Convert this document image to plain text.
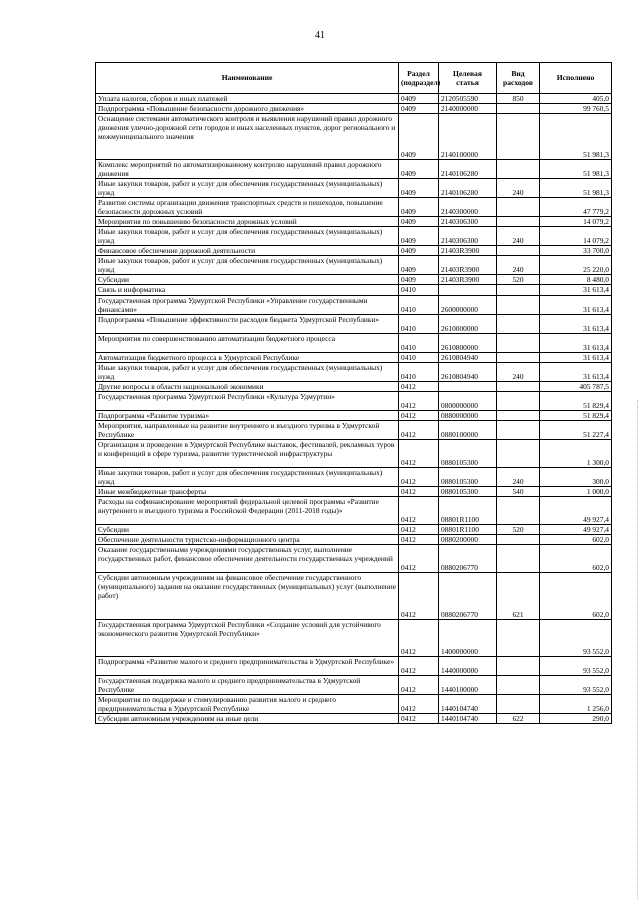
41
Наименование	Раздел (подраздел)	Целевая статья	Вид расходов	Исполнено
Уплата налогов, сборов и иных платежей	0409	2120505590	850	405,0
Подпрограмма «Повышение безопасности дорожного движения»	0409	2140000000		99 760,5
Оснащение системами автоматического контроля и выявления нарушений правил дорожного движения улично-дорожной сети городов и иных населенных пунктов, дорог регионального и межмуниципального значения	0409	2140100000		51 981,3
Комплекс мероприятий по автоматизированному контролю нарушений правил дорожного движения	0409	2140106280		51 981,3
Иные закупки товаров, работ и услуг для обеспечения государственных (муниципальных) нужд	0409	2140106280	240	51 981,3
Развитие системы организации движения транспортных средств и пешеходов, повышение безопасности дорожных условий	0409	2140300000		47 779,2
Мероприятия по повышению безопасности дорожных условий	0409	2140306300		14 079,2
Иные закупки товаров, работ и услуг для обеспечения государственных (муниципальных) нужд	0409	2140306300	240	14 079,2
Финансовое обеспечение дорожной деятельности	0409	21403R3900		33 700,0
Иные закупки товаров, работ и услуг для обеспечения государственных (муниципальных) нужд	0409	21403R3900	240	25 220,0
Субсидии	0409	21403R3900	520	8 480,0
Связь и информатика	0410			31 613,4
Государственная программа Удмуртской Республики «Управление государственными финансами»	0410	2600000000		31 613,4
Подпрограмма «Повышение эффективности расходов бюджета Удмуртской Республики»	0410	2610000000		31 613,4
Мероприятия по совершенствованию автоматизации бюджетного процесса	0410	2610800000		31 613,4
Автоматизация бюджетного процесса в Удмуртской Республике	0410	2610804940		31 613,4
Иные закупки товаров, работ и услуг для обеспечения государственных (муниципальных) нужд	0410	2610804940	240	31 613,4
Другие вопросы в области национальной экономики	0412			405 787,5
Государственная программа Удмуртской Республики «Культура Удмуртии»	0412	0800000000		51 829,4
Подпрограмма «Развитие туризма»	0412	0880000000		51 829,4
Мероприятия, направленные на развитие внутреннего и въездного туризма в Удмуртской Республике	0412	0880100000		51 227,4
Организация и проведение в Удмуртской Республике выставок, фестивалей, рекламных туров и конференций в сфере туризма, развитие туристической инфраструктуры	0412	0880105300		1 300,0
Иные закупки товаров, работ и услуг для обеспечения государственных (муниципальных) нужд	0412	0880105300	240	300,0
Иные межбюджетные трансферты	0412	0880105300	540	1 000,0
Расходы на софинансирование мероприятий федеральной целевой программы «Развитие внутреннего и въездного туризма в Российской Федерации (2011-2018 годы)»	0412	08801R1100		49 927,4
Субсидии	0412	08801R1100	520	49 927,4
Обеспечение деятельности туристско-информационного центра	0412	0880200000		602,0
Оказание государственными учреждениями государственных услуг, выполнение государственных работ, финансовое обеспечение деятельности государственных учреждений	0412	0880206770		602,0
Субсидии автономным учреждениям на финансовое обеспечение государственного (муниципального) задания на оказание государственных (муниципальных) услуг (выполнение работ)	0412	0880206770	621	602,0
Государственная программа Удмуртской Республики «Создание условий для устойчивого экономического развития Удмуртской Республики»	0412	1400000000		93 552,0
Подпрограмма «Развитие малого и среднего предпринимательства в Удмуртской Республике»	0412	1440000000		93 552,0
Государственная поддержка малого и среднего предпринимательства в Удмуртской Республике	0412	1440100000		93 552,0
Мероприятия по поддержке и стимулированию развития малого и среднего предпринимательства в Удмуртской Республике	0412	1440104740		1 256,0
Субсидии автономным учреждениям на иные цели	0412	1440104740	622	290,0
